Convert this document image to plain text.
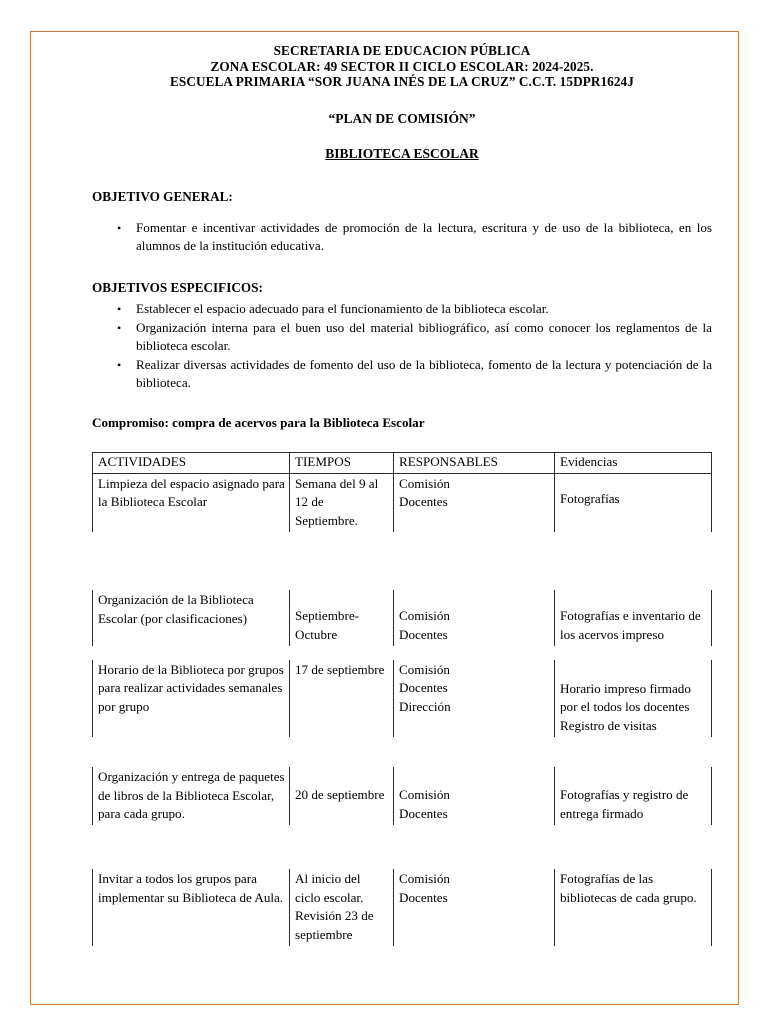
SECRETARIA DE EDUCACION PÚBLICA
ZONA ESCOLAR: 49 SECTOR II CICLO ESCOLAR: 2024-2025.
ESCUELA PRIMARIA “SOR JUANA INÉS DE LA CRUZ” C.C.T. 15DPR1624J
“PLAN DE COMISIÓN”
BIBLIOTECA ESCOLAR
OBJETIVO GENERAL:
• Fomentar e incentivar actividades de promoción de la lectura, escritura y de uso de la biblioteca, en los alumnos de la institución educativa.
OBJETIVOS ESPECIFICOS:
• Establecer el espacio adecuado para el funcionamiento de la biblioteca escolar.
• Organización interna para el buen uso del material bibliográfico, así como conocer los reglamentos de la biblioteca escolar.
• Realizar diversas actividades de fomento del uso de la biblioteca, fomento de la lectura y potenciación de la biblioteca.
Compromiso: compra de acervos para la Biblioteca Escolar
ACTIVIDADES	TIEMPOS	RESPONSABLES	Evidencias
Limpieza del espacio asignado para la Biblioteca Escolar	Semana del 9 al 12 de Septiembre.	Comisión
Docentes	Fotografías

Organización de la Biblioteca Escolar (por clasificaciones)	Septiembre-Octubre	Comisión
Docentes	Fotografías e inventario de los acervos impreso

Horario de la Biblioteca por grupos para realizar actividades semanales por grupo	17 de septiembre	Comisión
Docentes
Dirección	Horario impreso firmado por el todos los docentes
Registro de visitas

Organización y entrega de paquetes de libros de la Biblioteca Escolar, para cada grupo.	20 de septiembre	Comisión
Docentes	Fotografías y registro de entrega firmado

Invitar a todos los grupos para implementar su Biblioteca de Aula.	Al inicio del ciclo escolar. Revisión 23 de septiembre	Comisión
Docentes	Fotografías de las bibliotecas de cada grupo.
